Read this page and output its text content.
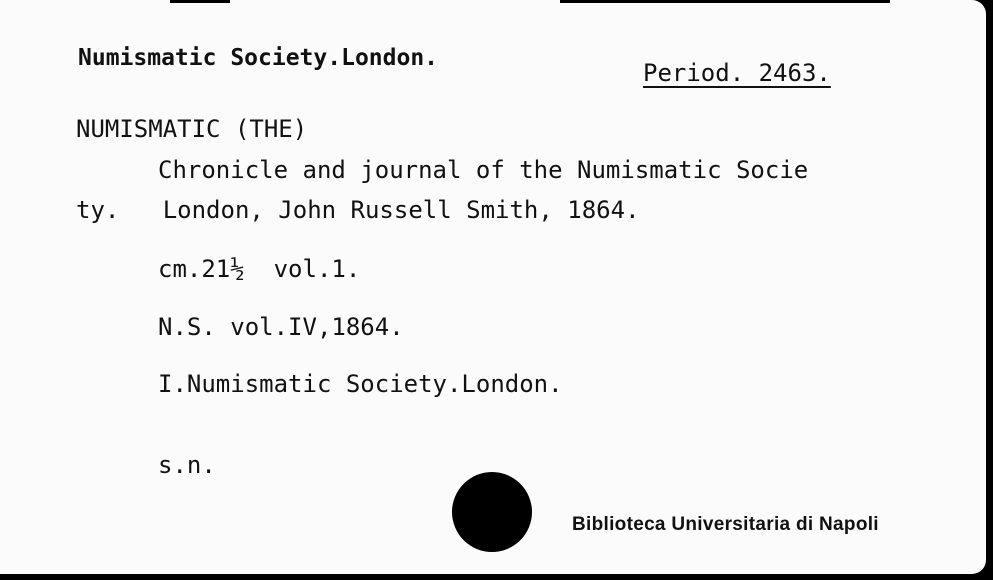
Numismatic Society.London.
Period. 2463.
NUMISMATIC (THE)
Chronicle and journal of the Numismatic Socie
ty.   London, John Russell Smith, 1864.
cm.21½  vol.1.
N.S. vol.IV,1864.
I.Numismatic Society.London.
s.n.
Biblioteca Universitaria di Napoli
